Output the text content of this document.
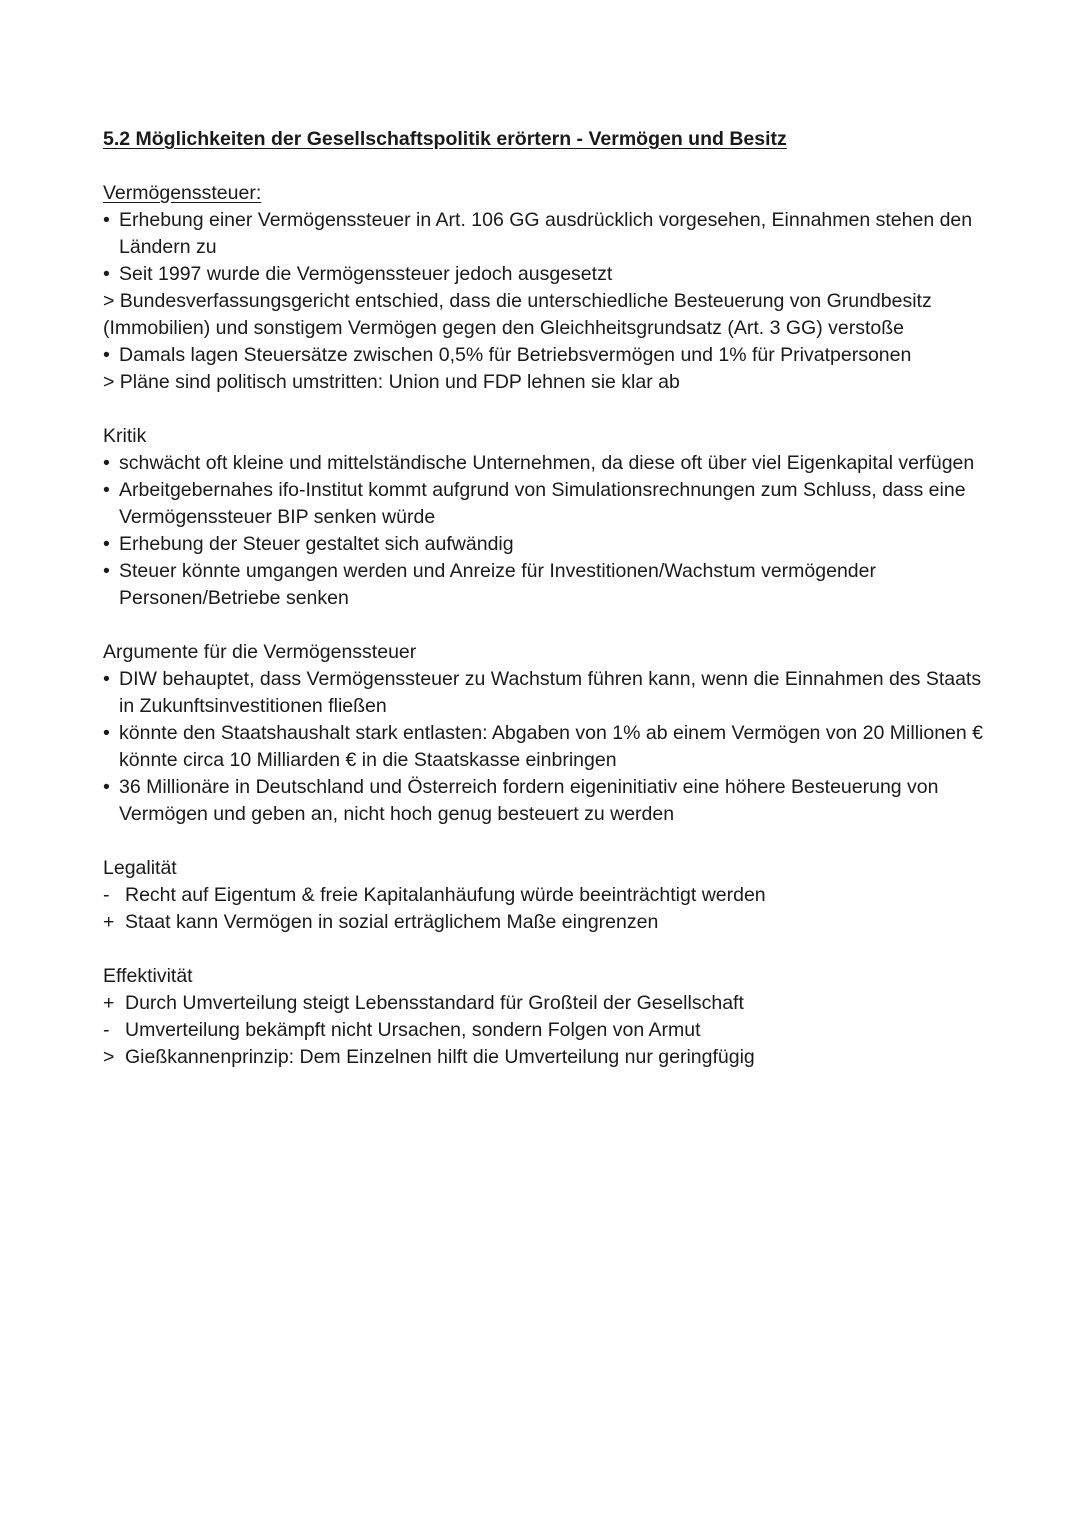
5.2 Möglichkeiten der Gesellschaftspolitik erörtern - Vermögen und Besitz

Vermögenssteuer:

• Erhebung einer Vermögenssteuer in Art. 106 GG ausdrücklich vorgesehen, Einnahmen stehen den Ländern zu
• Seit 1997 wurde die Vermögenssteuer jedoch ausgesetzt
> Bundesverfassungsgericht entschied, dass die unterschiedliche Besteuerung von Grundbesitz (Immobilien) und sonstigem Vermögen gegen den Gleichheitsgrundsatz (Art. 3 GG) verstoße
• Damals lagen Steuersätze zwischen 0,5% für Betriebsvermögen und 1% für Privatpersonen
> Pläne sind politisch umstritten: Union und FDP lehnen sie klar ab

Kritik

• schwächt oft kleine und mittelständische Unternehmen, da diese oft über viel Eigenkapital verfügen
• Arbeitgebernahes ifo-Institut kommt aufgrund von Simulationsrechnungen zum Schluss, dass eine Vermögenssteuer BIP senken würde
• Erhebung der Steuer gestaltet sich aufwändig
• Steuer könnte umgangen werden und Anreize für Investitionen/Wachstum vermögender Personen/Betriebe senken

Argumente für die Vermögenssteuer

• DIW behauptet, dass Vermögenssteuer zu Wachstum führen kann, wenn die Einnahmen des Staats in Zukunftsinvestitionen fließen
• könnte den Staatshaushalt stark entlasten: Abgaben von 1% ab einem Vermögen von 20 Millionen € könnte circa 10 Milliarden € in die Staatskasse einbringen
• 36 Millionäre in Deutschland und Österreich fordern eigeninitiativ eine höhere Besteuerung von Vermögen und geben an, nicht hoch genug besteuert zu werden

Legalität

- Recht auf Eigentum & freie Kapitalanhäufung würde beeinträchtigt werden
+ Staat kann Vermögen in sozial erträglichem Maße eingrenzen

Effektivität

+ Durch Umverteilung steigt Lebensstandard für Großteil der Gesellschaft
- Umverteilung bekämpft nicht Ursachen, sondern Folgen von Armut
> Gießkannenprinzip: Dem Einzelnen hilft die Umverteilung nur geringfügig
